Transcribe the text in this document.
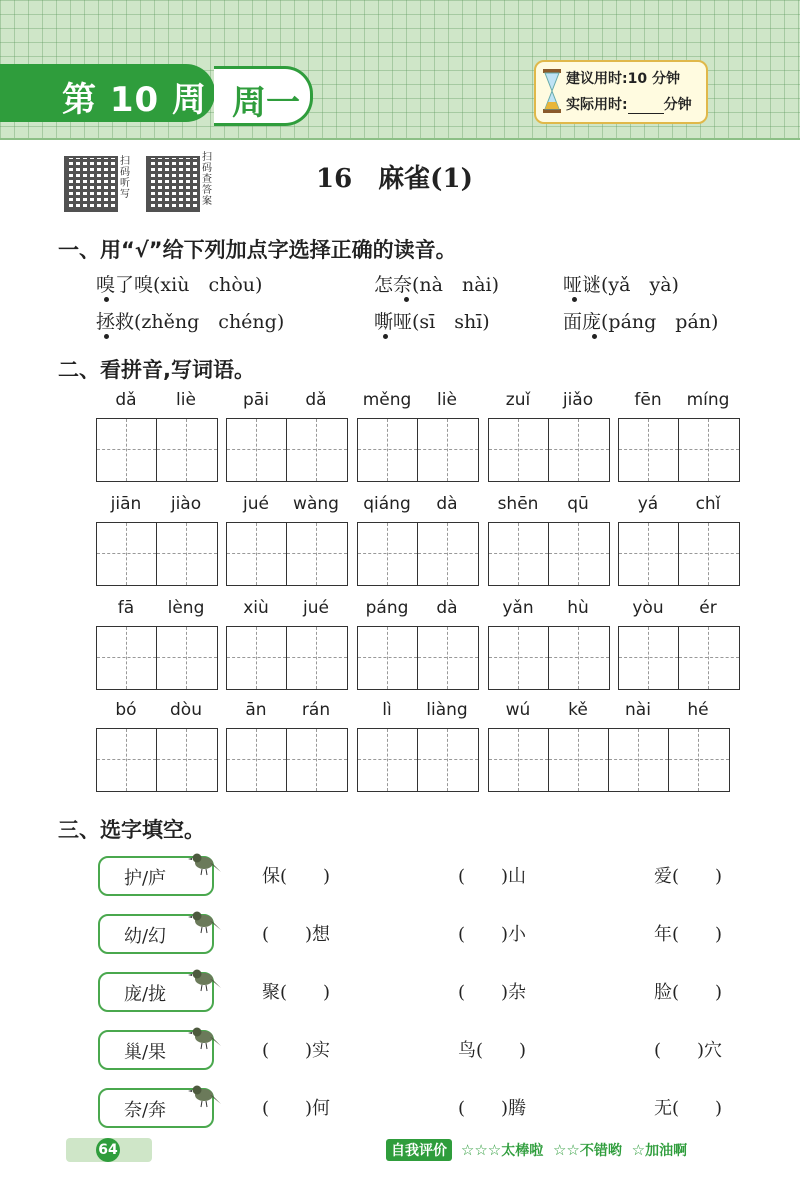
第 10 周 周一
建议用时:10 分钟
实际用时:	分钟
扫码听写
扫码查答案
16　麻雀(1)
一、用“√”给下列加点字选择正确的读音。
嗅了嗅(xiù　chòu)	怎奈(nà　nài)	哑谜(yǎ　yà)
拯救(zhěng　chéng)	嘶哑(sī　shī)	面庞(páng　pán)
二、看拼音,写词语。
dǎ	liè	pāi	dǎ	měng	liè	zuǐ	jiǎo	fēn	míng
jiān	jiào	jué	wàng	qiáng	dà	shēn	qū	yá	chǐ
fā	lèng	xiù	jué	páng	dà	yǎn	hù	yòu	ér
bó	dòu	ān	rán	lì	liàng	wú	kě	nài	hé
三、选字填空。
护/庐	保(　　)	(　　)山	爱(　　)
幼/幻	(　　)想	(　　)小	年(　　)
庞/拢	聚(　　)	(　　)杂	脸(　　)
巢/果	(　　)实	鸟(　　)	(　　)穴
奈/奔	(　　)何	(　　)腾	无(　　)
64	自我评价 ☆☆☆太棒啦 ☆☆不错哟 ☆加油啊
